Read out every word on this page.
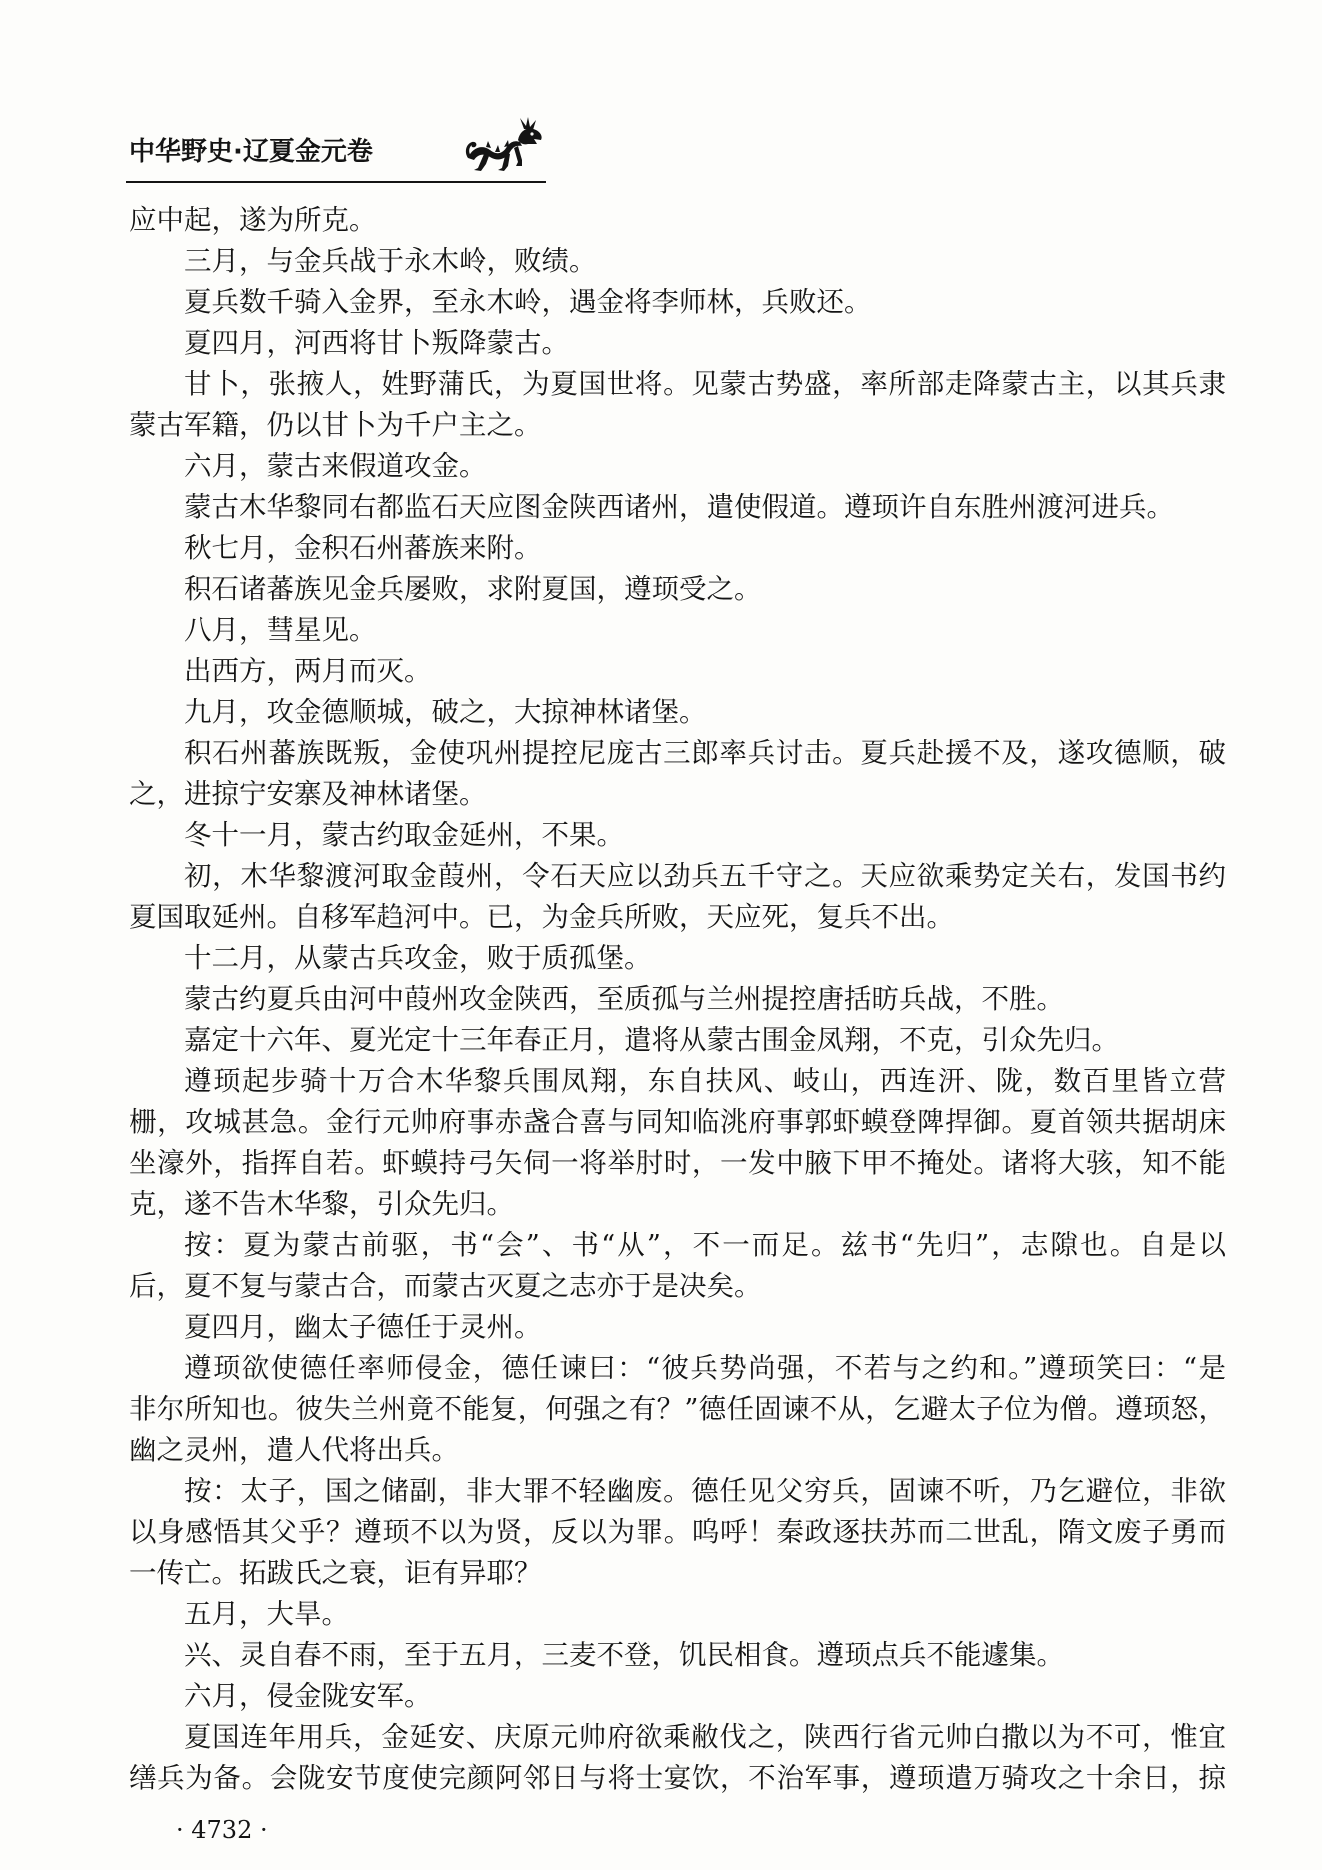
中华野史·辽夏金元卷
应中起，遂为所克。
三月，与金兵战于永木岭，败绩。
夏兵数千骑入金界，至永木岭，遇金将李师林，兵败还。
夏四月，河西将甘卜叛降蒙古。
甘卜，张掖人，姓野蒲氏，为夏国世将。见蒙古势盛，率所部走降蒙古主，以其兵隶
蒙古军籍，仍以甘卜为千户主之。
六月，蒙古来假道攻金。
蒙古木华黎同右都监石天应图金陕西诸州，遣使假道。遵顼许自东胜州渡河进兵。
秋七月，金积石州蕃族来附。
积石诸蕃族见金兵屡败，求附夏国，遵顼受之。
八月，彗星见。
出西方，两月而灭。
九月，攻金德顺城，破之，大掠神林诸堡。
积石州蕃族既叛，金使巩州提控尼庞古三郎率兵讨击。夏兵赴援不及，遂攻德顺，破
之，进掠宁安寨及神林诸堡。
冬十一月，蒙古约取金延州，不果。
初，木华黎渡河取金葭州，令石天应以劲兵五千守之。天应欲乘势定关右，发国书约
夏国取延州。自移军趋河中。已，为金兵所败，天应死，复兵不出。
十二月，从蒙古兵攻金，败于质孤堡。
蒙古约夏兵由河中葭州攻金陕西，至质孤与兰州提控唐括昉兵战，不胜。
嘉定十六年、夏光定十三年春正月，遣将从蒙古围金凤翔，不克，引众先归。
遵顼起步骑十万合木华黎兵围凤翔，东自扶风、岐山，西连汧、陇，数百里皆立营
栅，攻城甚急。金行元帅府事赤盏合喜与同知临洮府事郭虾蟆登陴捍御。夏首领共据胡床
坐濠外，指挥自若。虾蟆持弓矢伺一将举肘时，一发中腋下甲不掩处。诸将大骇，知不能
克，遂不告木华黎，引众先归。
按：夏为蒙古前驱，书“会”、书“从”，不一而足。兹书“先归”，志隙也。自是以
后，夏不复与蒙古合，而蒙古灭夏之志亦于是决矣。
夏四月，幽太子德任于灵州。
遵顼欲使德任率师侵金，德任谏曰：“彼兵势尚强，不若与之约和。”遵顼笑曰：“是
非尔所知也。彼失兰州竟不能复，何强之有？”德任固谏不从，乞避太子位为僧。遵顼怒，
幽之灵州，遣人代将出兵。
按：太子，国之储副，非大罪不轻幽废。德任见父穷兵，固谏不听，乃乞避位，非欲
以身感悟其父乎？遵顼不以为贤，反以为罪。呜呼！秦政逐扶苏而二世乱，隋文废子勇而
一传亡。拓跋氏之衰，讵有异耶？
五月，大旱。
兴、灵自春不雨，至于五月，三麦不登，饥民相食。遵顼点兵不能遽集。
六月，侵金陇安军。
夏国连年用兵，金延安、庆原元帅府欲乘敝伐之，陕西行省元帅白撒以为不可，惟宜
缮兵为备。会陇安节度使完颜阿邻日与将士宴饮，不治军事，遵顼遣万骑攻之十余日，掠
· 4732 ·
